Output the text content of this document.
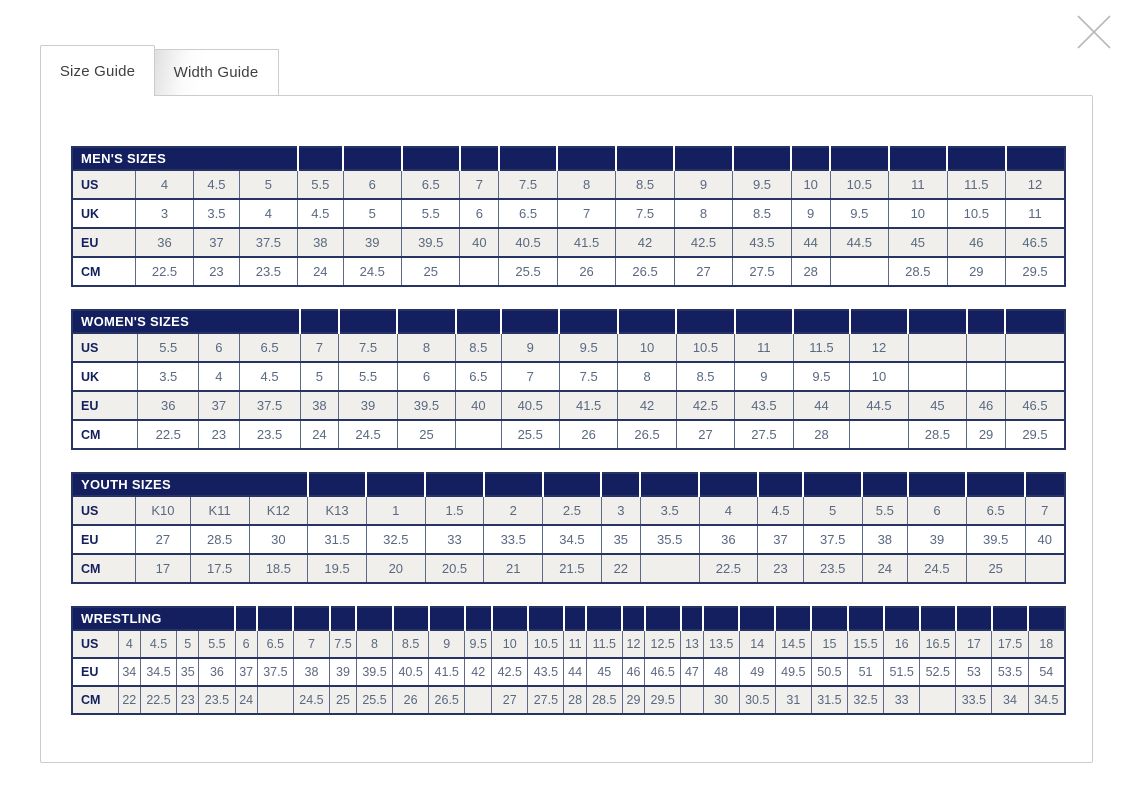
Size Guide	Width Guide
MEN'S SIZES																	
US	4	4.5	5	5.5	6	6.5	7	7.5	8	8.5	9	9.5	10	10.5	11	11.5	12
UK	3	3.5	4	4.5	5	5.5	6	6.5	7	7.5	8	8.5	9	9.5	10	10.5	11
EU	36	37	37.5	38	39	39.5	40	40.5	41.5	42	42.5	43.5	44	44.5	45	46	46.5
CM	22.5	23	23.5	24	24.5	25		25.5	26	26.5	27	27.5	28		28.5	29	29.5
WOMEN'S SIZES																	
US	5.5	6	6.5	7	7.5	8	8.5	9	9.5	10	10.5	11	11.5	12			
UK	3.5	4	4.5	5	5.5	6	6.5	7	7.5	8	8.5	9	9.5	10			
EU	36	37	37.5	38	39	39.5	40	40.5	41.5	42	42.5	43.5	44	44.5	45	46	46.5
CM	22.5	23	23.5	24	24.5	25		25.5	26	26.5	27	27.5	28		28.5	29	29.5
YOUTH SIZES																	
US	K10	K11	K12	K13	1	1.5	2	2.5	3	3.5	4	4.5	5	5.5	6	6.5	7
EU	27	28.5	30	31.5	32.5	33	33.5	34.5	35	35.5	36	37	37.5	38	39	39.5	40
CM	17	17.5	18.5	19.5	20	20.5	21	21.5	22		22.5	23	23.5	24	24.5	25	
WRESTLING																													
US	4	4.5	5	5.5	6	6.5	7	7.5	8	8.5	9	9.5	10	10.5	11	11.5	12	12.5	13	13.5	14	14.5	15	15.5	16	16.5	17	17.5	18
EU	34	34.5	35	36	37	37.5	38	39	39.5	40.5	41.5	42	42.5	43.5	44	45	46	46.5	47	48	49	49.5	50.5	51	51.5	52.5	53	53.5	54
CM	22	22.5	23	23.5	24		24.5	25	25.5	26	26.5		27	27.5	28	28.5	29	29.5		30	30.5	31	31.5	32.5	33		33.5	34	34.5
